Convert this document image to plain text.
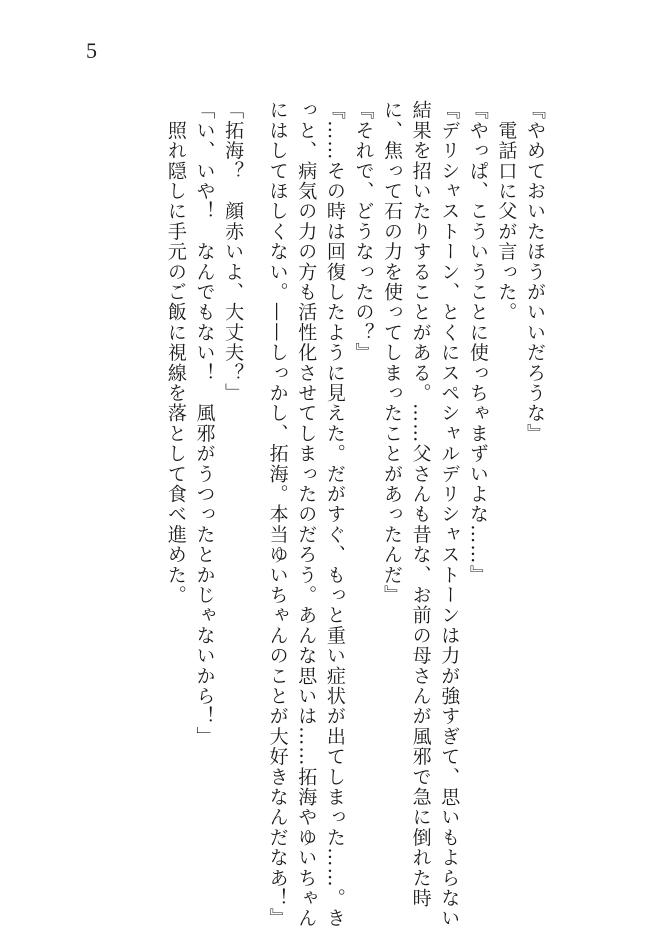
5
『やめておいたほうがいいだろうな』
　電話口に父が言った。
『やっぱ、こういうことに使っちゃまずいよな……』
『デリシャストーン、とくにスペシャルデリシャストーンは力が強すぎて、思いもよらない
結果を招いたりすることがある。……父さんも昔な、お前の母さんが風邪で急に倒れた時
に、焦って石の力を使ってしまったことがあったんだ』
『それで、どうなったの？』
『……その時は回復したように見えた。だがすぐ、もっと重い症状が出てしまった……。き
っと、病気の力の方も活性化させてしまったのだろう。あんな思いは……拓海やゆいちゃん
にはしてほしくない。——しっかし、拓海。本当ゆいちゃんのことが大好きなんだなあ！』
「拓海？　顔赤いよ、大丈夫？」
「い、いや！　なんでもない！　風邪がうつったとかじゃないから！」
　照れ隠しに手元のご飯に視線を落として食べ進めた。
